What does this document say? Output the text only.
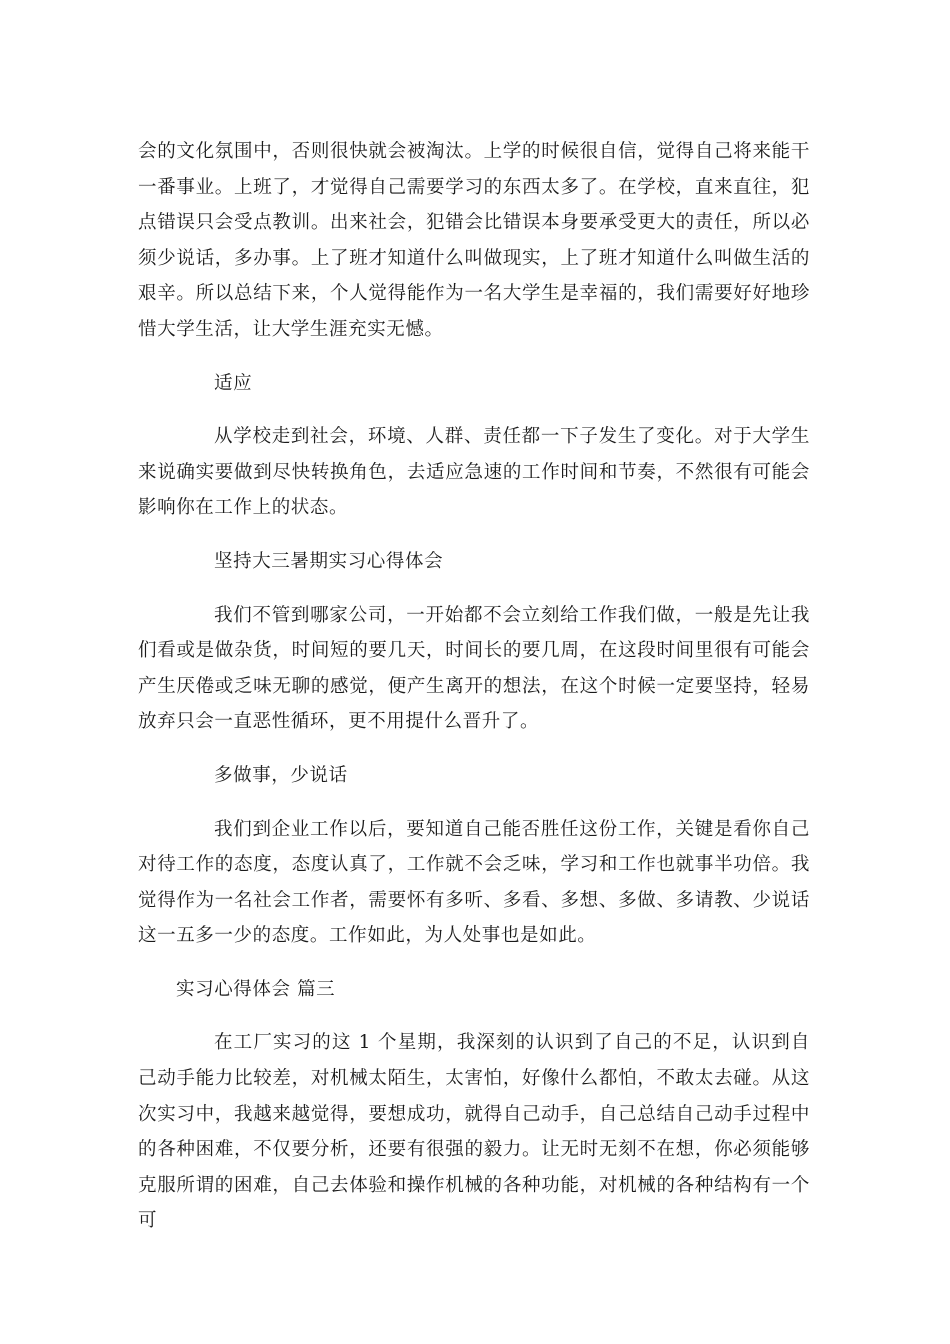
会的文化氛围中，否则很快就会被淘汰。上学的时候很自信，觉得自己将来能干一番事业。上班了，才觉得自己需要学习的东西太多了。在学校，直来直往，犯点错误只会受点教训。出来社会，犯错会比错误本身要承受更大的责任，所以必须少说话，多办事。上了班才知道什么叫做现实，上了班才知道什么叫做生活的艰辛。所以总结下来，个人觉得能作为一名大学生是幸福的，我们需要好好地珍惜大学生活，让大学生涯充实无憾。

适应

从学校走到社会，环境、人群、责任都一下子发生了变化。对于大学生来说确实要做到尽快转换角色，去适应急速的工作时间和节奏，不然很有可能会影响你在工作上的状态。

坚持大三暑期实习心得体会

我们不管到哪家公司，一开始都不会立刻给工作我们做，一般是先让我们看或是做杂货，时间短的要几天，时间长的要几周，在这段时间里很有可能会产生厌倦或乏味无聊的感觉，便产生离开的想法，在这个时候一定要坚持，轻易放弃只会一直恶性循环，更不用提什么晋升了。

多做事，少说话

我们到企业工作以后，要知道自己能否胜任这份工作，关键是看你自己对待工作的态度，态度认真了，工作就不会乏味，学习和工作也就事半功倍。我觉得作为一名社会工作者，需要怀有多听、多看、多想、多做、多请教、少说话这一五多一少的态度。工作如此，为人处事也是如此。

实习心得体会 篇三

在工厂实习的这 1 个星期，我深刻的认识到了自己的不足，认识到自己动手能力比较差，对机械太陌生，太害怕，好像什么都怕，不敢太去碰。从这次实习中，我越来越觉得，要想成功，就得自己动手，自己总结自己动手过程中的各种困难，不仅要分析，还要有很强的毅力。让无时无刻不在想，你必须能够克服所谓的困难，自己去体验和操作机械的各种功能，对机械的各种结构有一个可
